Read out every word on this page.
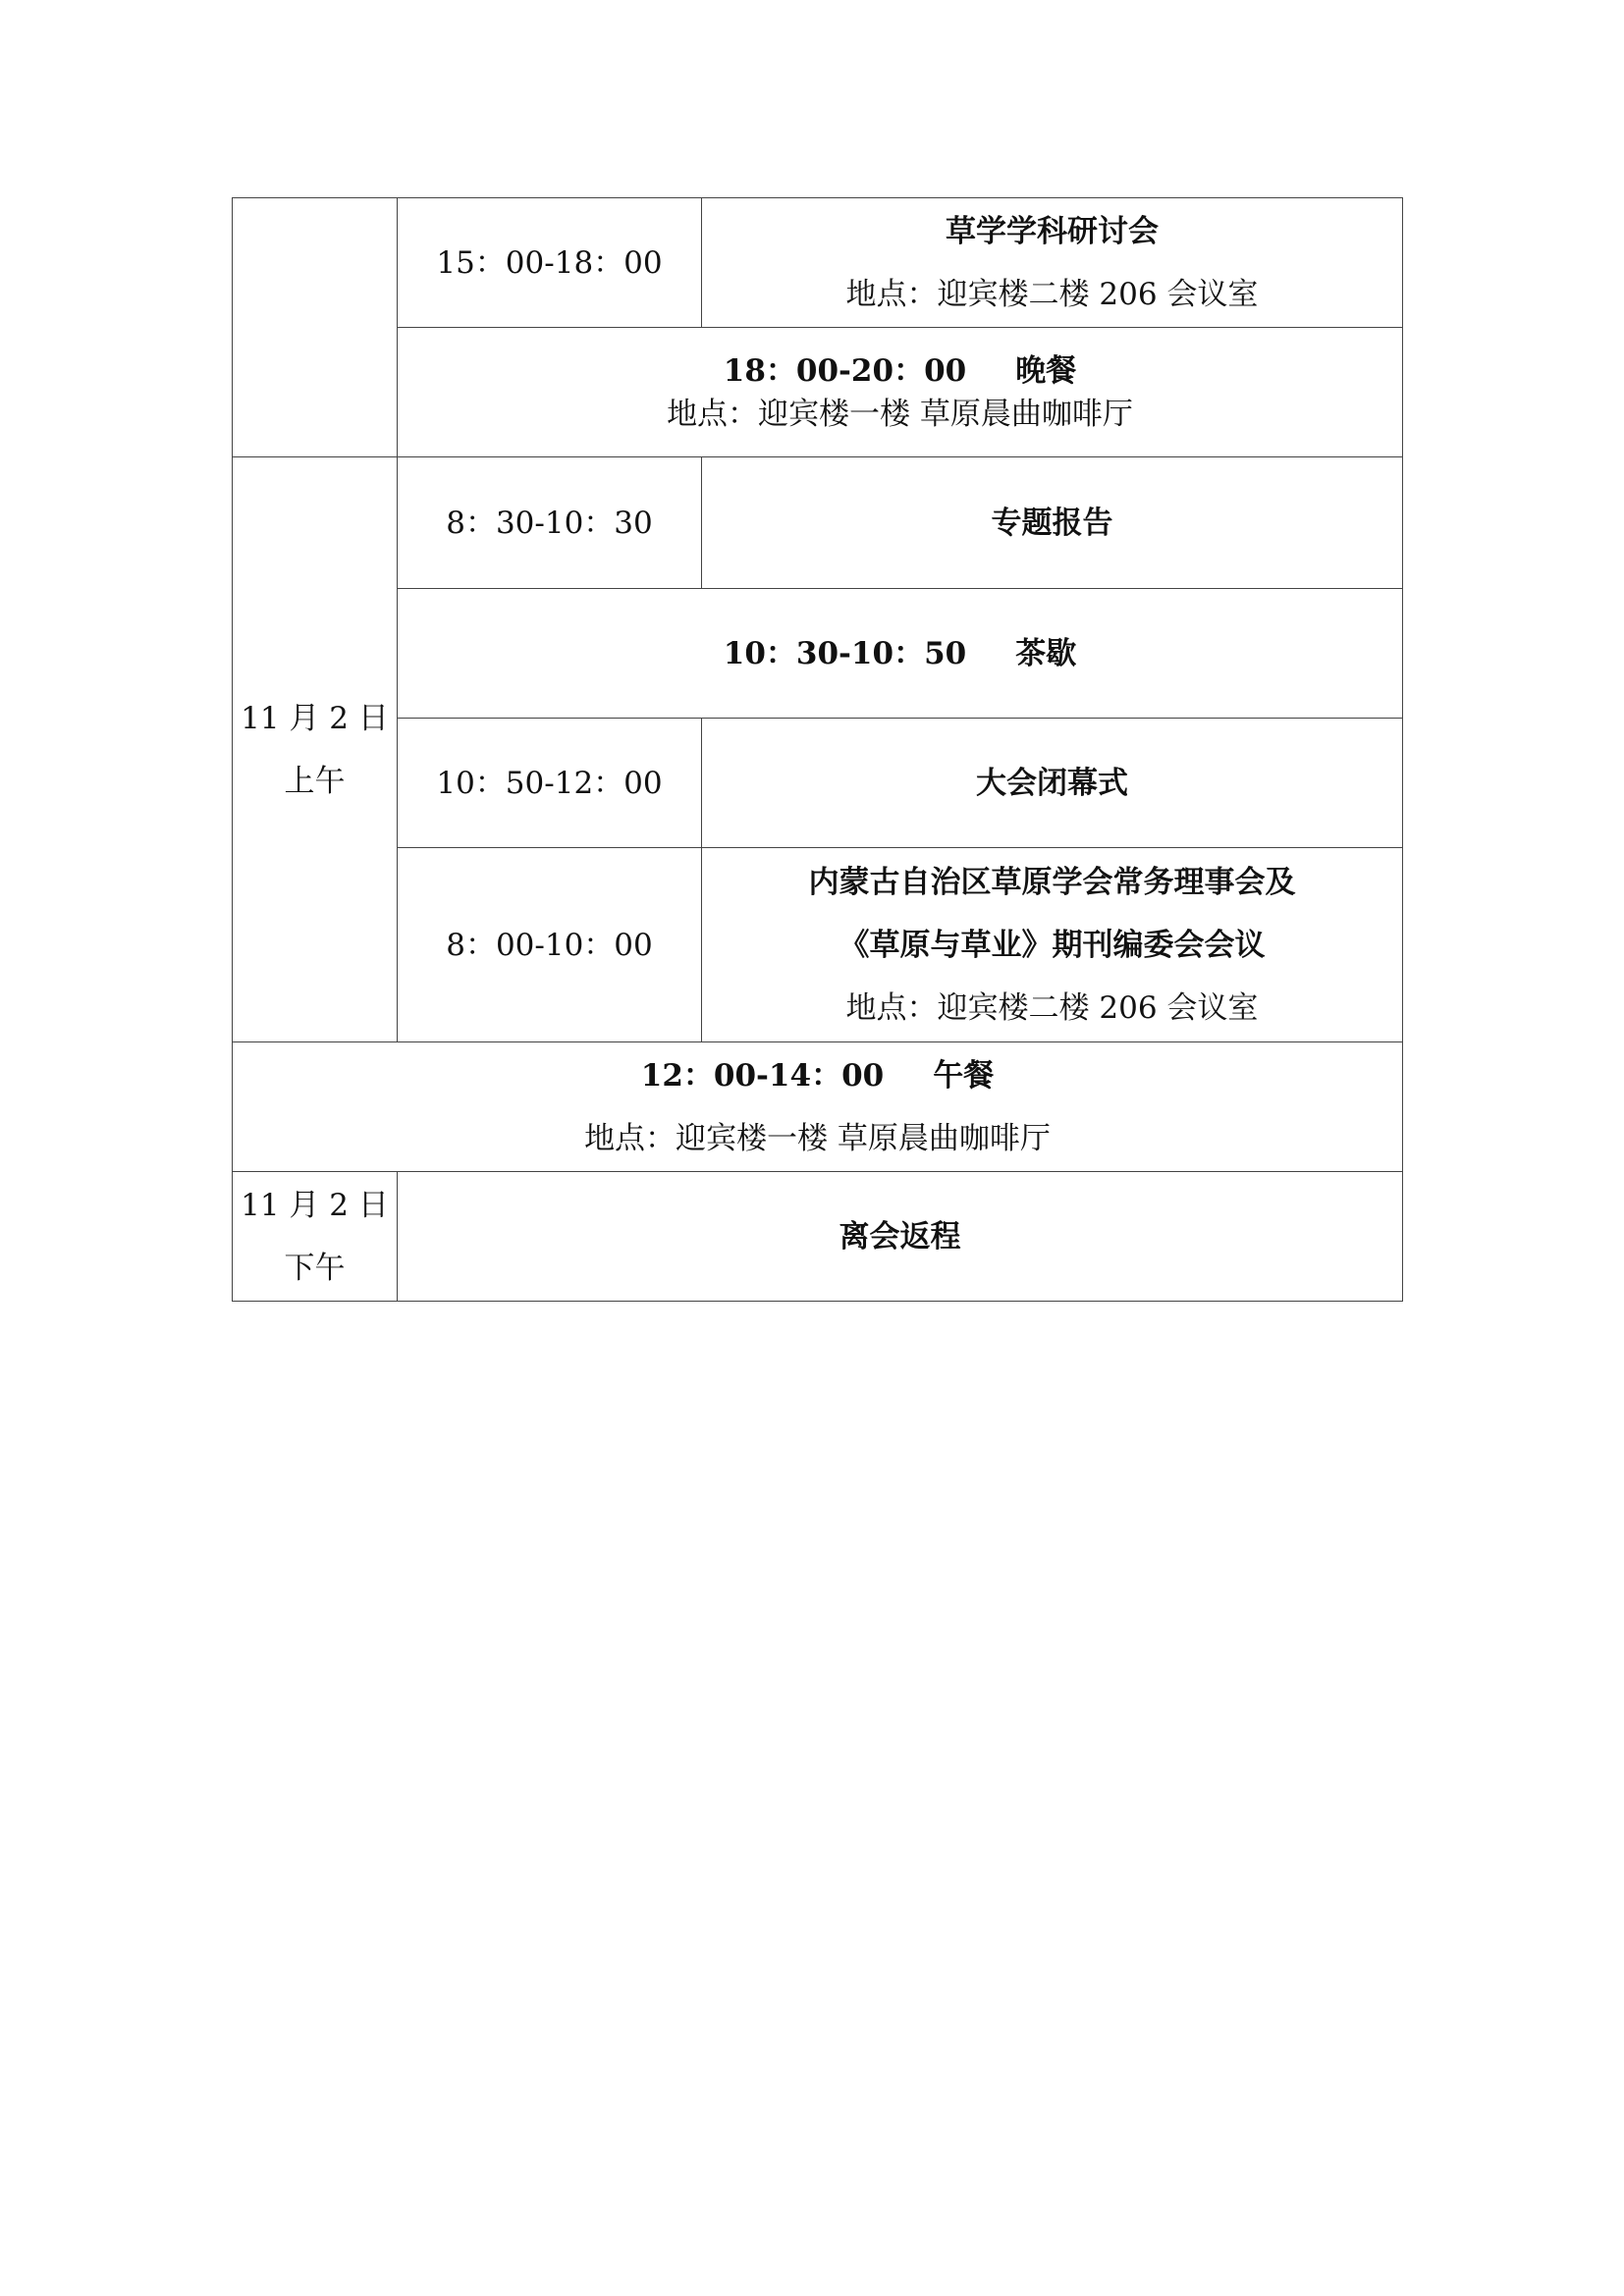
	15：00-18：00	草学学科研讨会
地点：迎宾楼二楼 206 会议室

	18：00-20：00 晚餐
地点：迎宾楼一楼 草原晨曲咖啡厅	

11 月 2 日
上午	8：30-10：30	专题报告
	10：30-10：50 茶歇	
	10：50-12：00	大会闭幕式
	8：00-10：00	内蒙古自治区草原学会常务理事会及
《草原与草业》期刊编委会会议
地点：迎宾楼二楼 206 会议室

12：00-14：00 午餐
地点：迎宾楼一楼 草原晨曲咖啡厅		

11 月 2 日
下午	离会返程	
